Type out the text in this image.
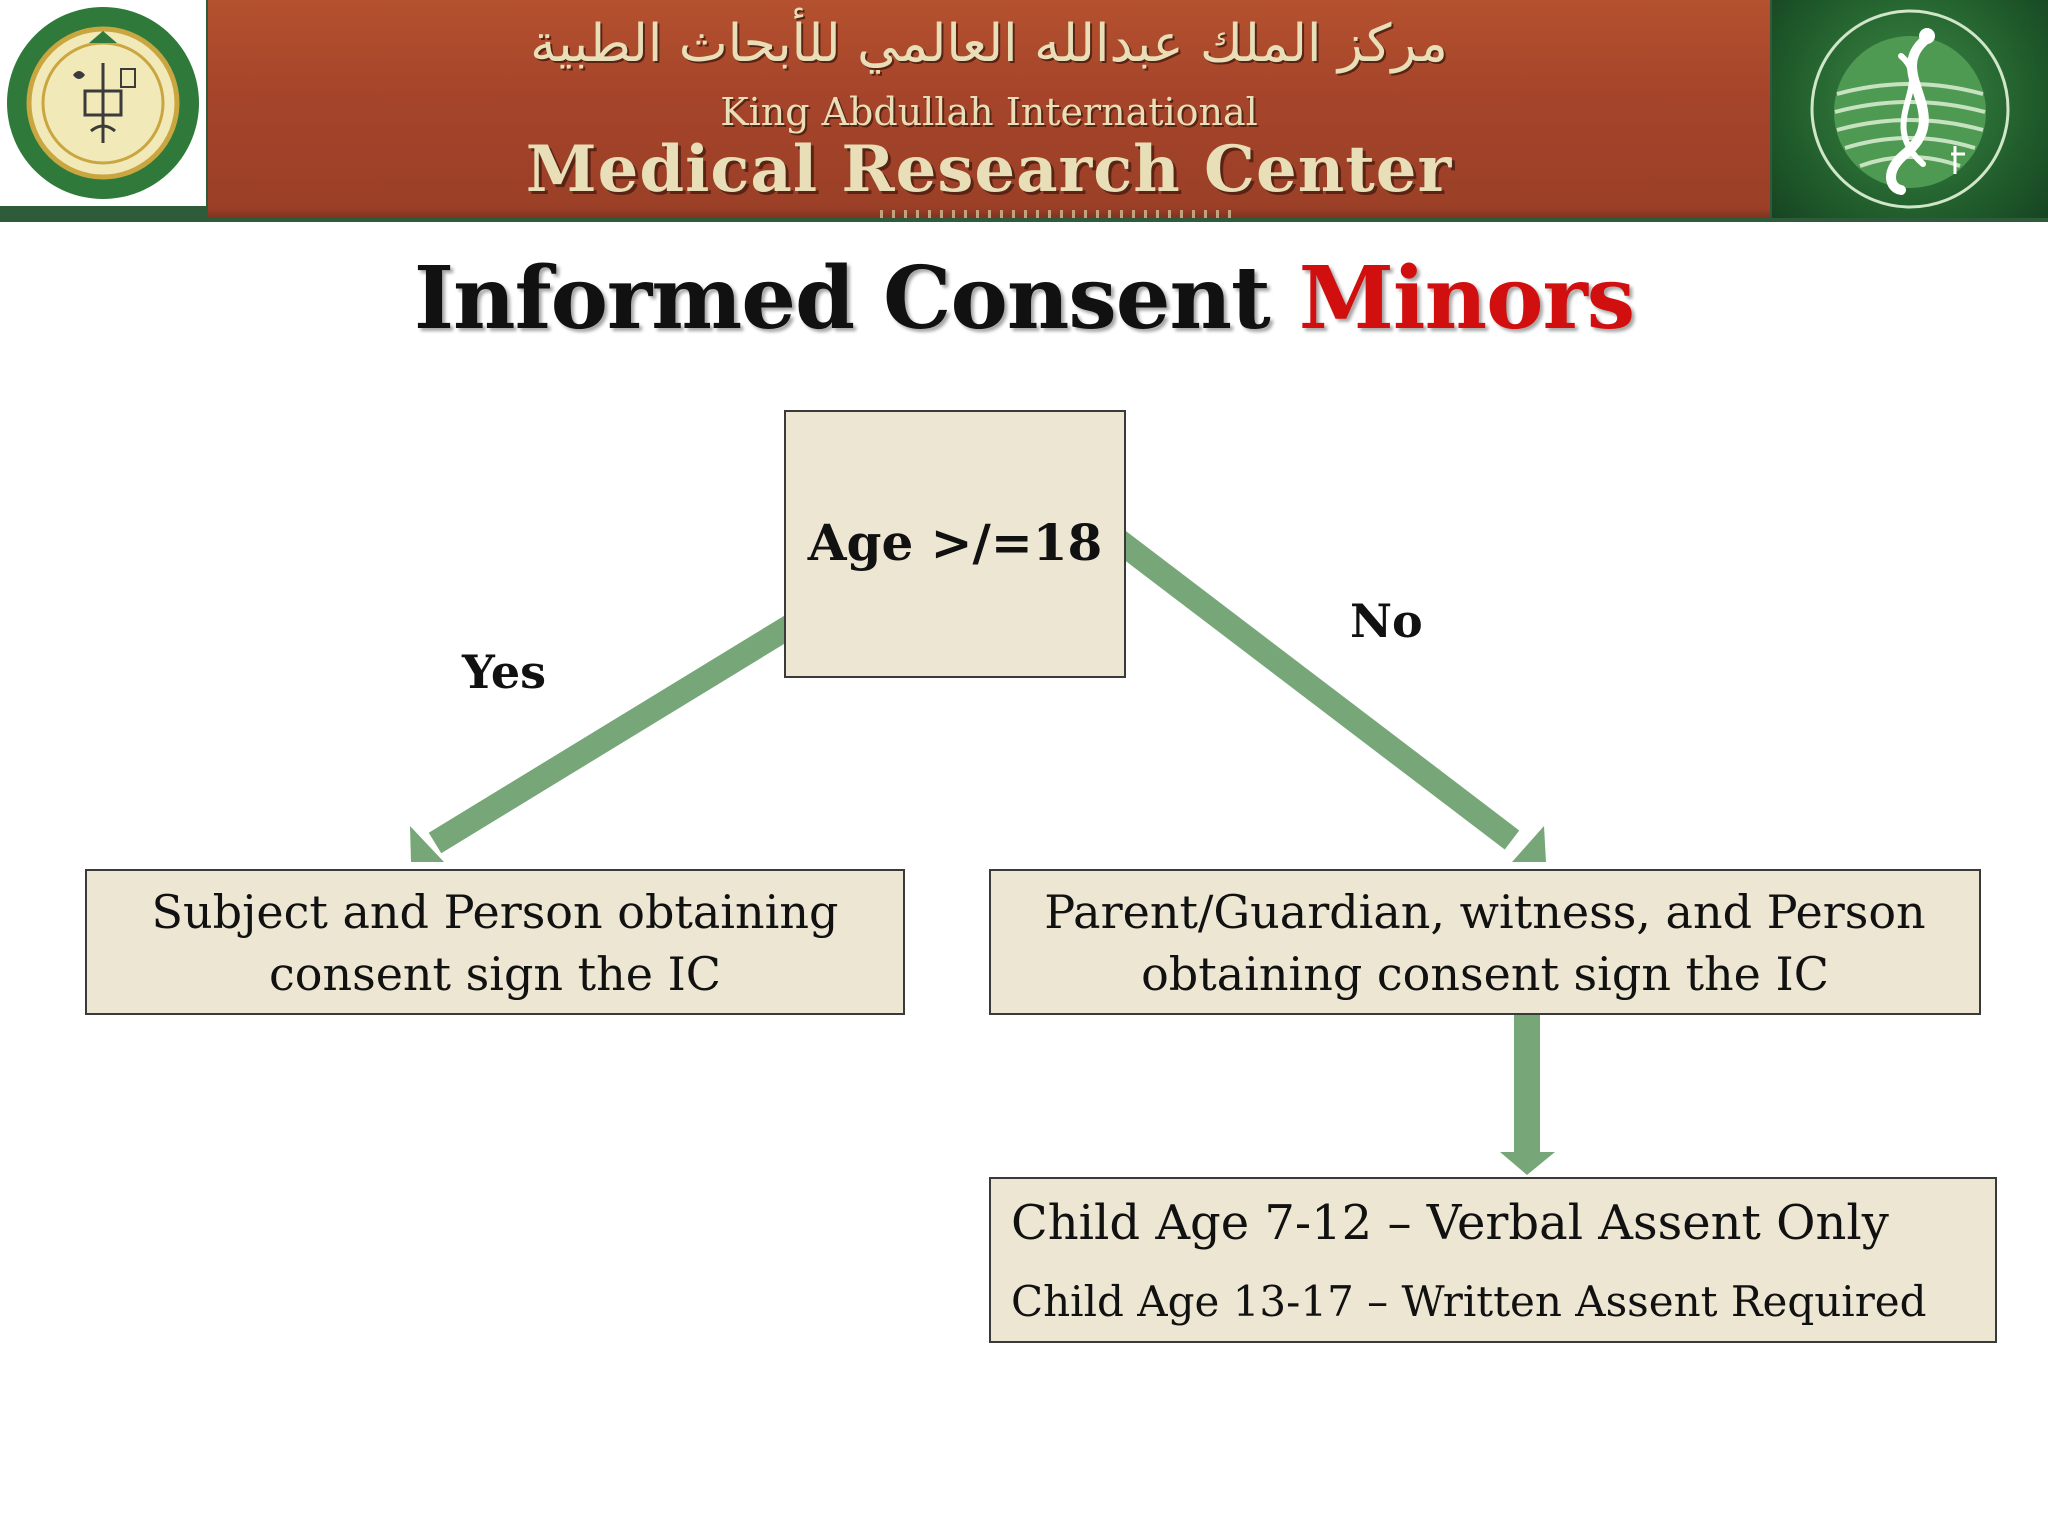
مركز الملك عبدالله العالمي للأبحاث الطبية
King Abdullah International
Medical Research Center
Informed Consent Minors
Age >/=18
Yes
No
Subject and Person obtaining
consent sign the IC
Parent/Guardian, witness, and Person
obtaining consent sign the IC
Child Age 7-12 – Verbal Assent Only
Child Age 13-17 – Written Assent Required
